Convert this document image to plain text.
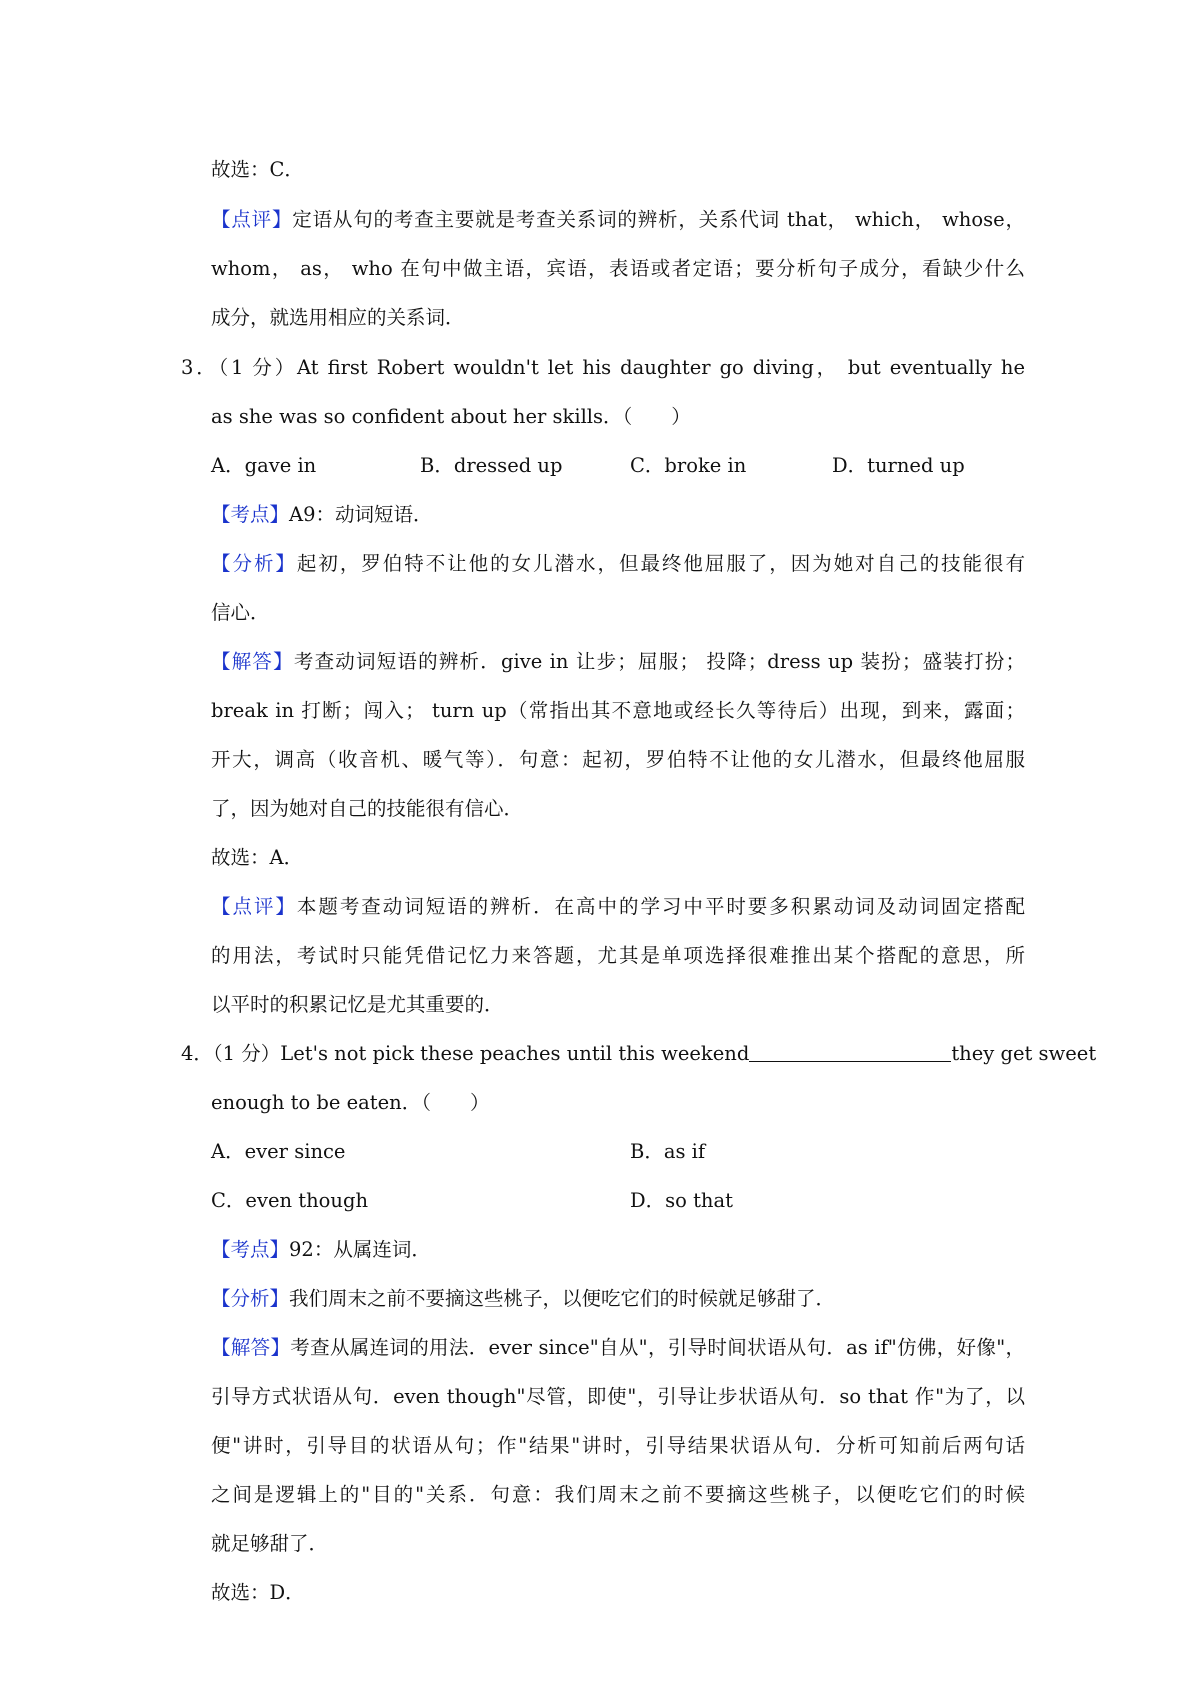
故选：C．
【点评】定语从句的考查主要就是考查关系词的辨析，关系代词 that， which， whose，
whom， as， who 在句中做主语，宾语，表语或者定语；要分析句子成分，看缺少什么
成分，就选用相应的关系词．
3．（1 分）At first Robert wouldn't let his daughter go diving， but eventually he
as she was so confident about her skills．（　　）
A．gave in	B．dressed up	C．broke in	D．turned up
【考点】A9：动词短语．
【分析】起初，罗伯特不让他的女儿潜水，但最终他屈服了，因为她对自己的技能很有
信心．
【解答】考查动词短语的辨析．give in 让步；屈服； 投降；dress up 装扮；盛装打扮；
break in 打断；闯入； turn up（常指出其不意地或经长久等待后）出现，到来，露面；
开大，调高（收音机、暖气等）．句意：起初，罗伯特不让他的女儿潜水，但最终他屈服
了，因为她对自己的技能很有信心．
故选：A．
【点评】本题考查动词短语的辨析．在高中的学习中平时要多积累动词及动词固定搭配
的用法，考试时只能凭借记忆力来答题，尤其是单项选择很难推出某个搭配的意思，所
以平时的积累记忆是尤其重要的．
4．（1 分）Let's not pick these peaches until this weekend	they get sweet
enough to be eaten．（　　）
A．ever since	B．as if
C．even though	D．so that
【考点】92：从属连词．
【分析】我们周末之前不要摘这些桃子，以便吃它们的时候就足够甜了．
【解答】考查从属连词的用法．ever since"自从"，引导时间状语从句．as if"仿佛，好像"，
引导方式状语从句．even though"尽管，即使"，引导让步状语从句．so that 作"为了，以
便"讲时，引导目的状语从句；作"结果"讲时，引导结果状语从句．分析可知前后两句话
之间是逻辑上的"目的"关系．句意：我们周末之前不要摘这些桃子，以便吃它们的时候
就足够甜了．
故选：D．
